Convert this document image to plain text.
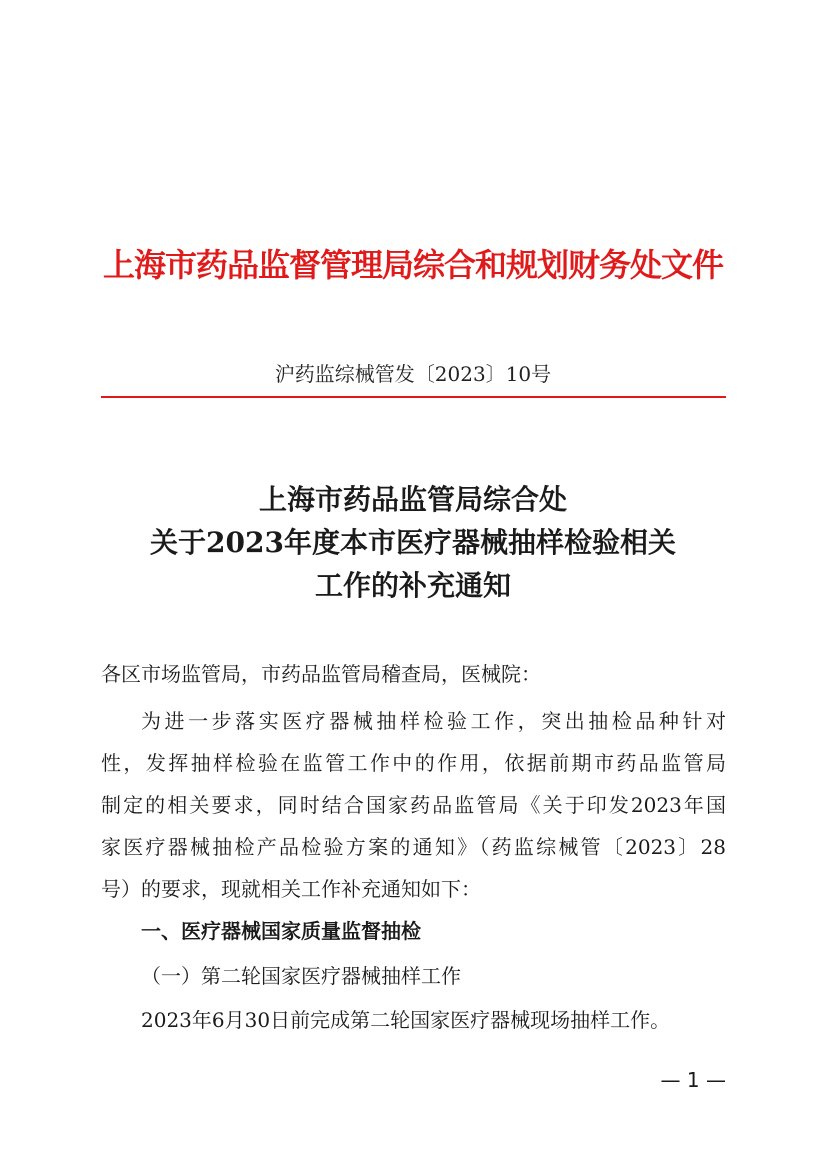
上海市药品监督管理局综合和规划财务处文件
沪药监综械管发〔2023〕10号
上海市药品监管局综合处
关于2023年度本市医疗器械抽样检验相关
工作的补充通知
各区市场监管局，市药品监管局稽查局，医械院：
为进一步落实医疗器械抽样检验工作，突出抽检品种针对
性，发挥抽样检验在监管工作中的作用，依据前期市药品监管局
制定的相关要求，同时结合国家药品监管局《关于印发2023年国
家医疗器械抽检产品检验方案的通知》（药监综械管〔2023〕28
号）的要求，现就相关工作补充通知如下：
一、医疗器械国家质量监督抽检
（一）第二轮国家医疗器械抽样工作
2023年6月30日前完成第二轮国家医疗器械现场抽样工作。
— 1 —
